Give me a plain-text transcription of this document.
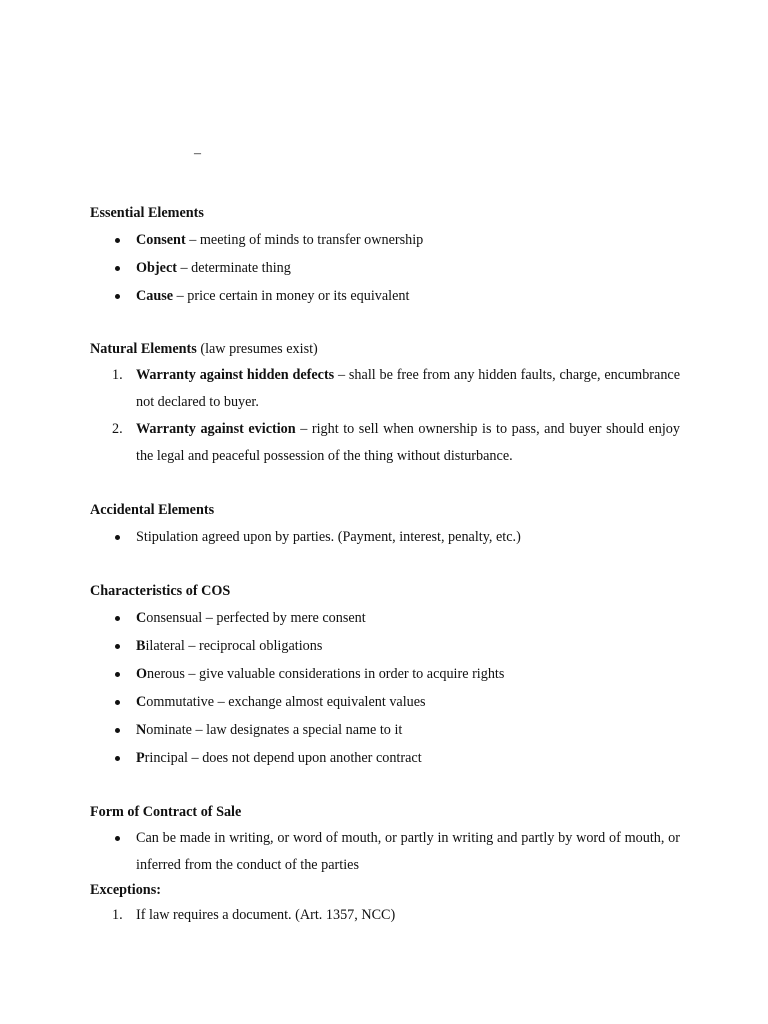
–
Essential Elements
Consent – meeting of minds to transfer ownership
Object – determinate thing
Cause – price certain in money or its equivalent
Natural Elements (law presumes exist)
1. Warranty against hidden defects – shall be free from any hidden faults, charge, encumbrance not declared to buyer.
2. Warranty against eviction – right to sell when ownership is to pass, and buyer should enjoy the legal and peaceful possession of the thing without disturbance.
Accidental Elements
Stipulation agreed upon by parties. (Payment, interest, penalty, etc.)
Characteristics of COS
Consensual – perfected by mere consent
Bilateral – reciprocal obligations
Onerous – give valuable considerations in order to acquire rights
Commutative – exchange almost equivalent values
Nominate – law designates a special name to it
Principal – does not depend upon another contract
Form of Contract of Sale
Can be made in writing, or word of mouth, or partly in writing and partly by word of mouth, or inferred from the conduct of the parties
Exceptions:
1. If law requires a document. (Art. 1357, NCC)
